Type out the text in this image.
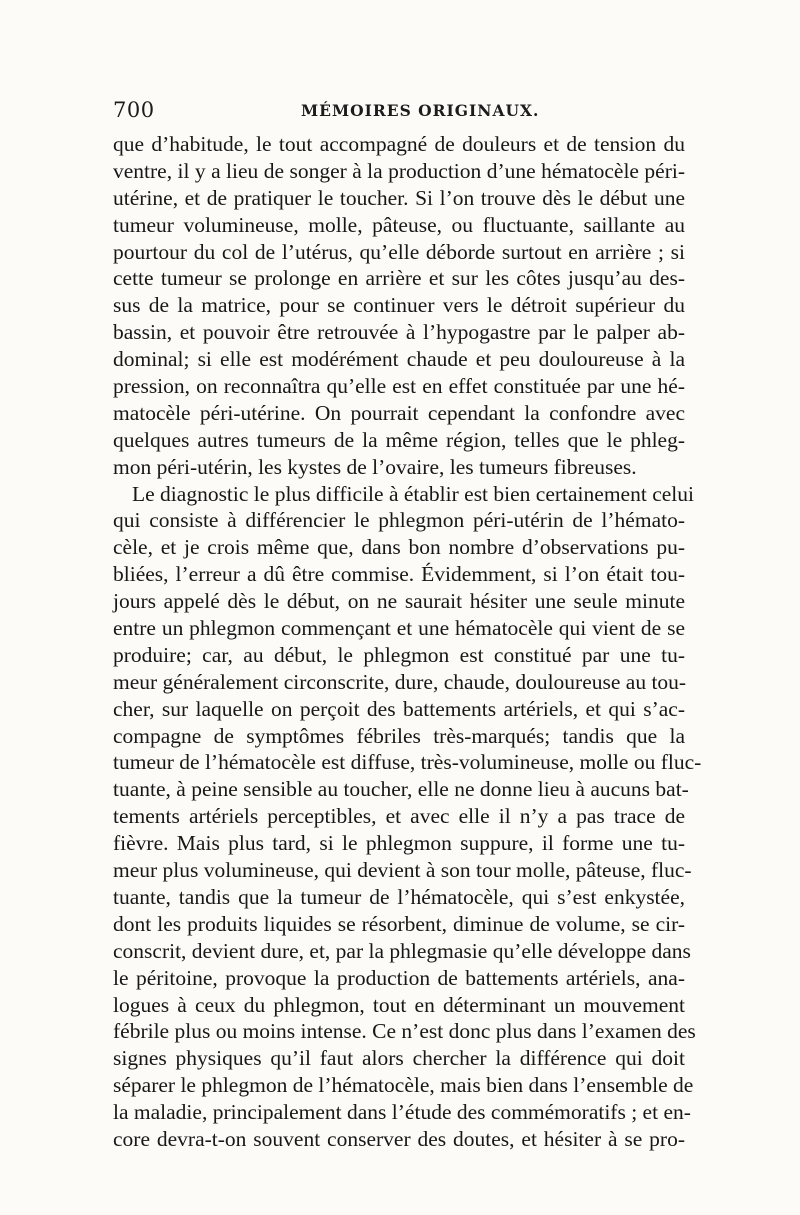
700	MÉMOIRES ORIGINAUX.
que d’habitude, le tout accompagné de douleurs et de tension du
ventre, il y a lieu de songer à la production d’une hématocèle péri-
utérine, et de pratiquer le toucher. Si l’on trouve dès le début une
tumeur volumineuse, molle, pâteuse, ou fluctuante, saillante au
pourtour du col de l’utérus, qu’elle déborde surtout en arrière ; si
cette tumeur se prolonge en arrière et sur les côtes jusqu’au des-
sus de la matrice, pour se continuer vers le détroit supérieur du
bassin, et pouvoir être retrouvée à l’hypogastre par le palper ab-
dominal; si elle est modérément chaude et peu douloureuse à la
pression, on reconnaîtra qu’elle est en effet constituée par une hé-
matocèle péri-utérine. On pourrait cependant la confondre avec
quelques autres tumeurs de la même région, telles que le phleg-
mon péri-utérin, les kystes de l’ovaire, les tumeurs fibreuses.
Le diagnostic le plus difficile à établir est bien certainement celui
qui consiste à différencier le phlegmon péri-utérin de l’hémato-
cèle, et je crois même que, dans bon nombre d’observations pu-
bliées, l’erreur a dû être commise. Évidemment, si l’on était tou-
jours appelé dès le début, on ne saurait hésiter une seule minute
entre un phlegmon commençant et une hématocèle qui vient de se
produire; car, au début, le phlegmon est constitué par une tu-
meur généralement circonscrite, dure, chaude, douloureuse au tou-
cher, sur laquelle on perçoit des battements artériels, et qui s’ac-
compagne de symptômes fébriles très-marqués; tandis que la
tumeur de l’hématocèle est diffuse, très-volumineuse, molle ou fluc-
tuante, à peine sensible au toucher, elle ne donne lieu à aucuns bat-
tements artériels perceptibles, et avec elle il n’y a pas trace de
fièvre. Mais plus tard, si le phlegmon suppure, il forme une tu-
meur plus volumineuse, qui devient à son tour molle, pâteuse, fluc-
tuante, tandis que la tumeur de l’hématocèle, qui s’est enkystée,
dont les produits liquides se résorbent, diminue de volume, se cir-
conscrit, devient dure, et, par la phlegmasie qu’elle développe dans
le péritoine, provoque la production de battements artériels, ana-
logues à ceux du phlegmon, tout en déterminant un mouvement
fébrile plus ou moins intense. Ce n’est donc plus dans l’examen des
signes physiques qu’il faut alors chercher la différence qui doit
séparer le phlegmon de l’hématocèle, mais bien dans l’ensemble de
la maladie, principalement dans l’étude des commémoratifs ; et en-
core devra-t-on souvent conserver des doutes, et hésiter à se pro-
